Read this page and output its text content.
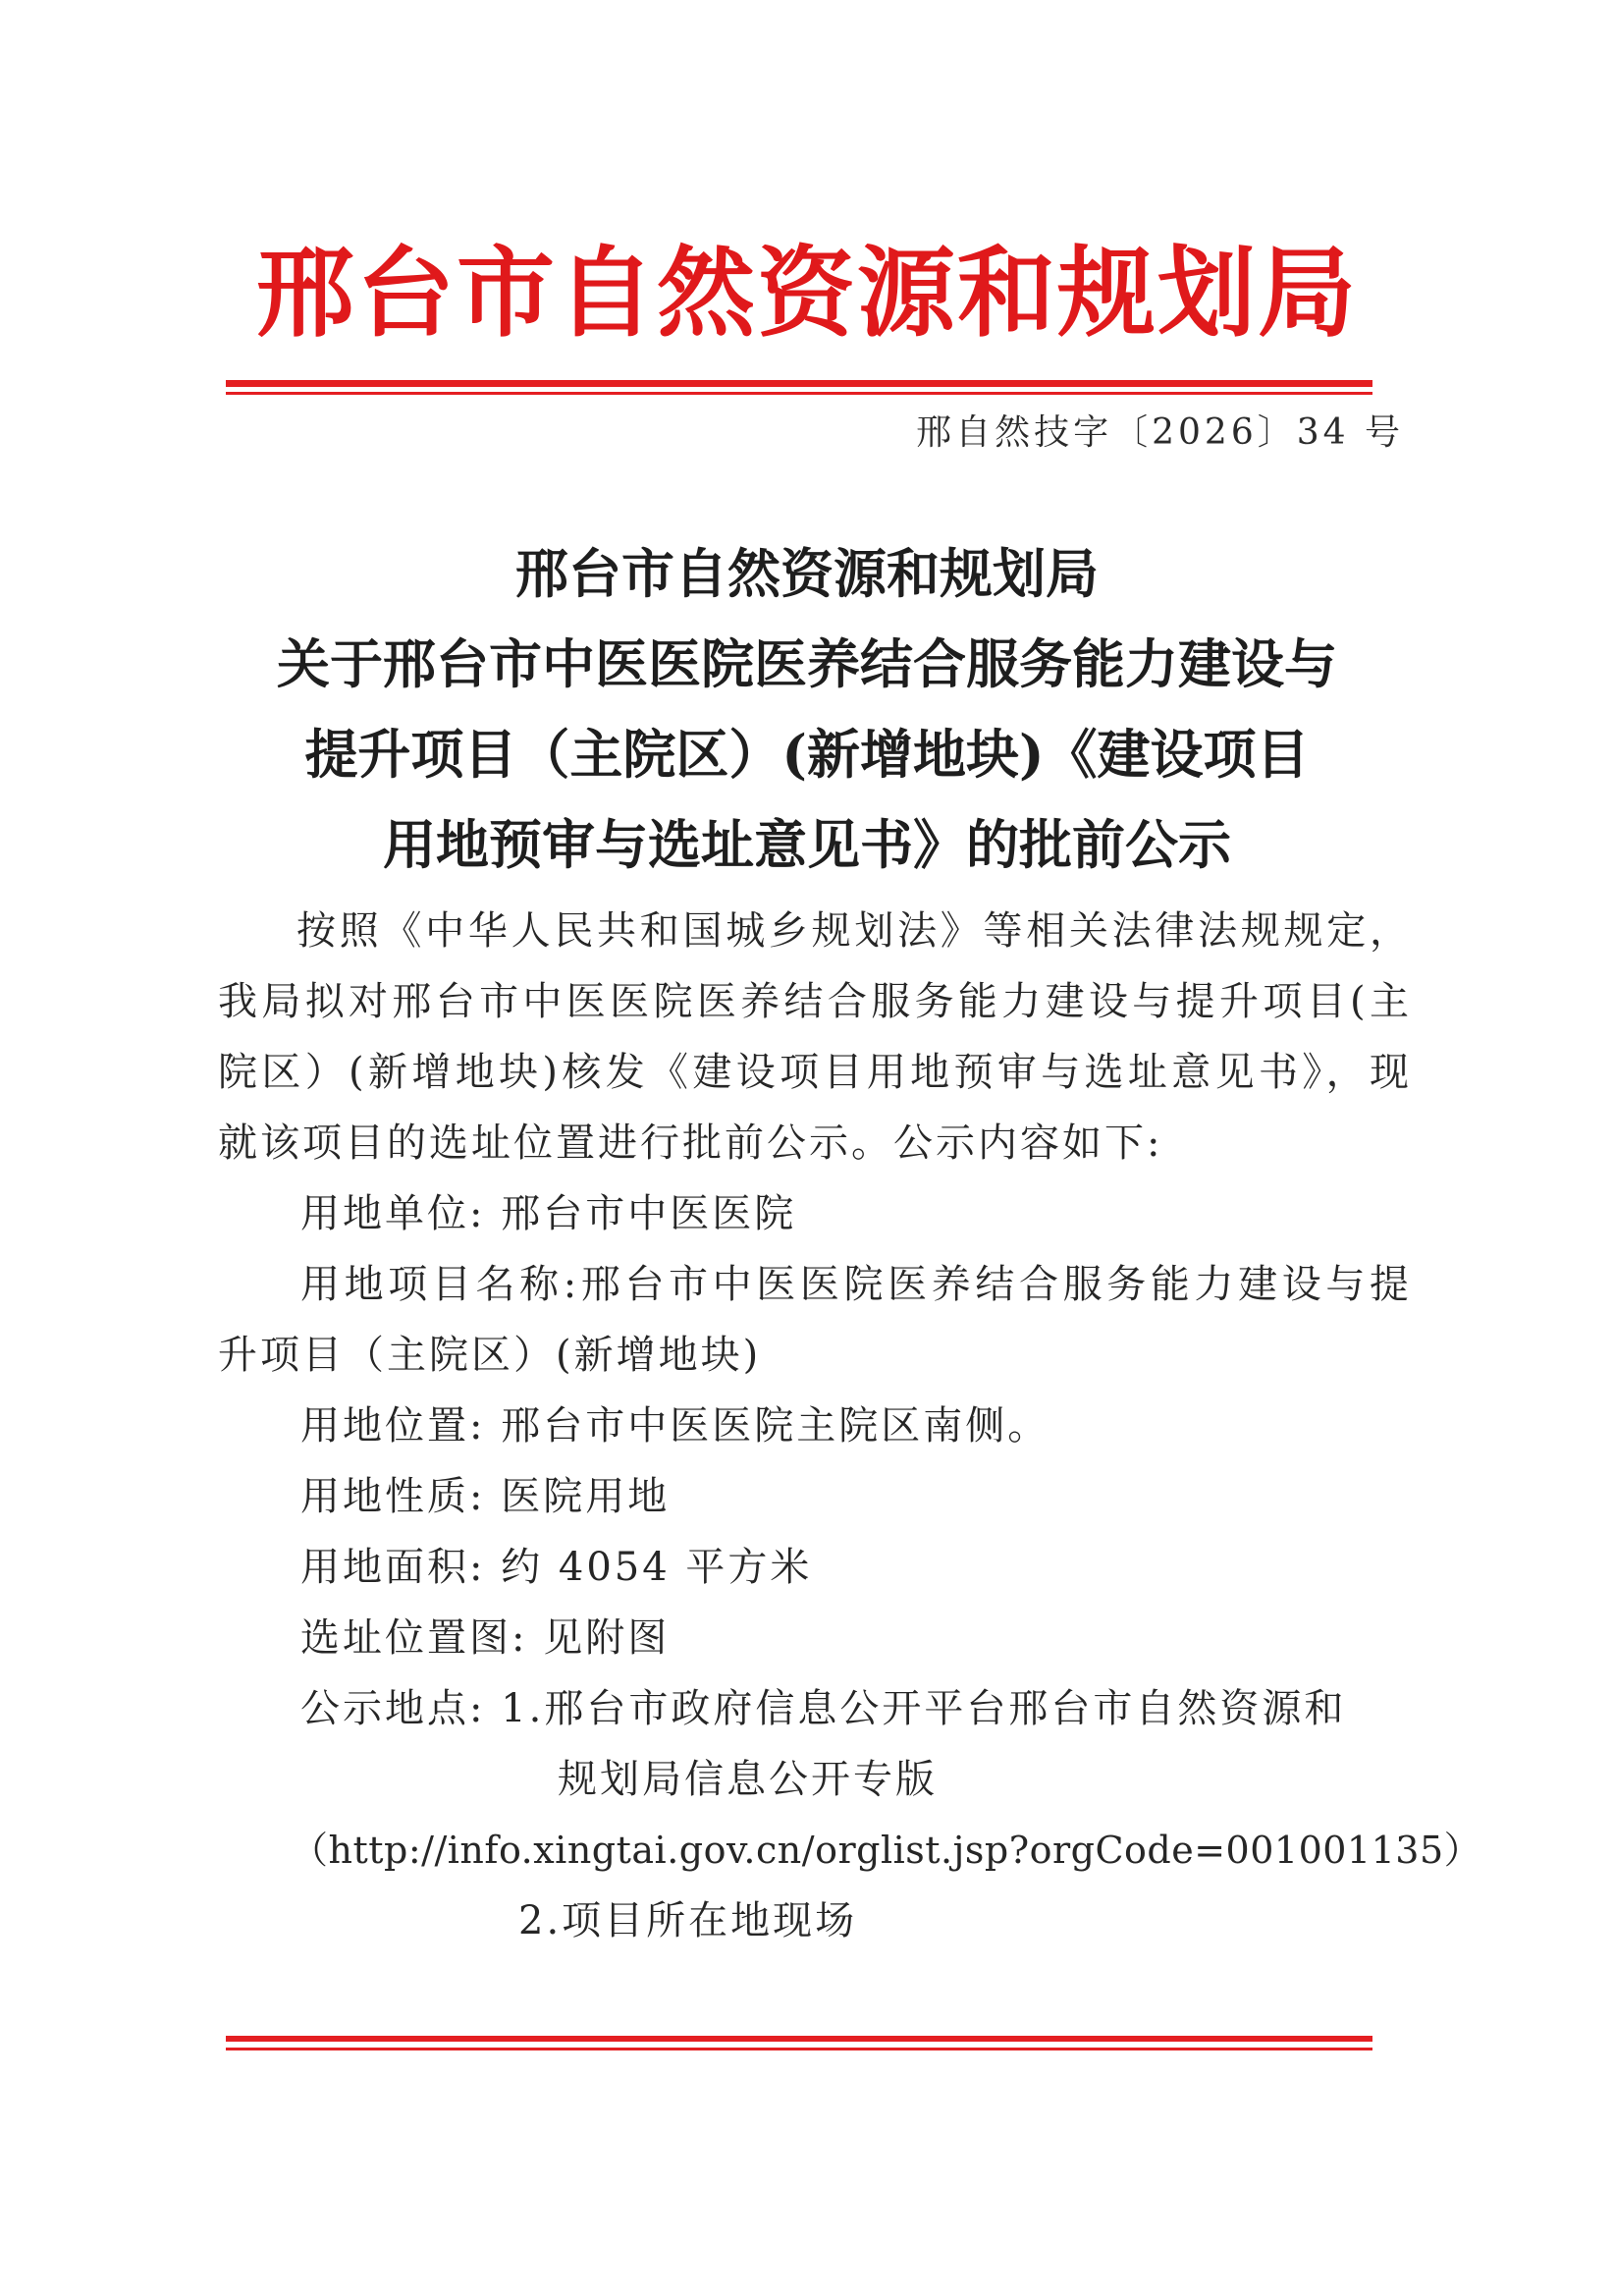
邢台市自然资源和规划局
邢自然技字〔2026〕34 号
邢台市自然资源和规划局
关于邢台市中医医院医养结合服务能力建设与
提升项目（主院区）(新增地块)《建设项目
用地预审与选址意见书》的批前公示

按照《中华人民共和国城乡规划法》等相关法律法规规定，我局拟对邢台市中医医院医养结合服务能力建设与提升项目(主院区）(新增地块)核发《建设项目用地预审与选址意见书》，现就该项目的选址位置进行批前公示。公示内容如下:

用地单位: 邢台市中医医院

用地项目名称:邢台市中医医院医养结合服务能力建设与提升项目（主院区）(新增地块)

用地位置: 邢台市中医医院主院区南侧。

用地性质: 医院用地

用地面积: 约 4054 平方米

选址位置图: 见附图

公示地点: 1.邢台市政府信息公开平台邢台市自然资源和

规划局信息公开专版

（http://info.xingtai.gov.cn/orglist.jsp?orgCode=001001135）

2.项目所在地现场
